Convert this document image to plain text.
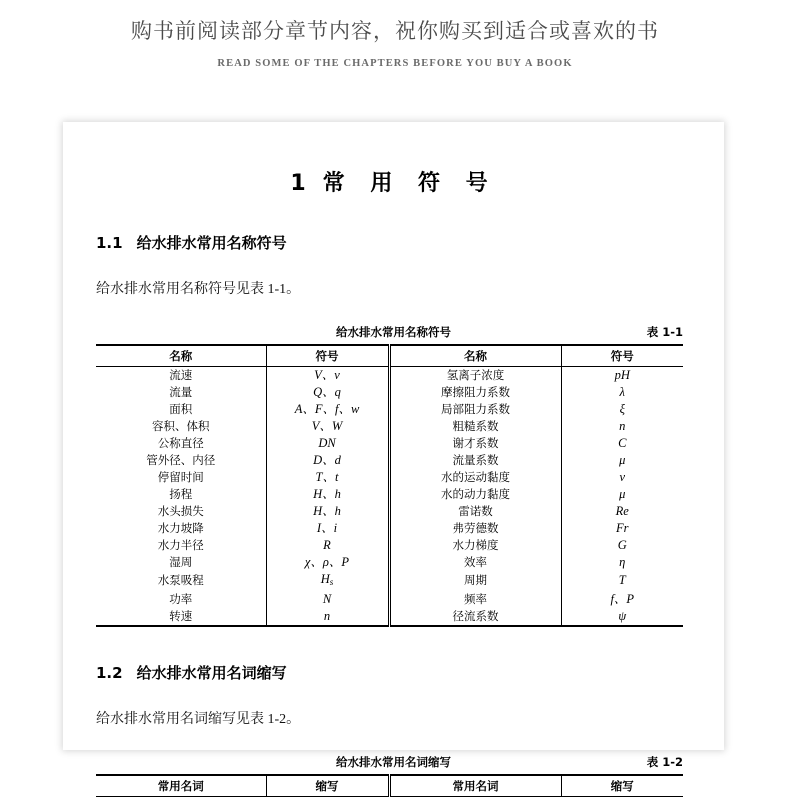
购书前阅读部分章节内容，祝你购买到适合或喜欢的书
READ SOME OF THE CHAPTERS BEFORE YOU BUY A BOOK
1 常 用 符 号
1.1 给水排水常用名称符号
给水排水常用名称符号见表 1-1。
给水排水常用名称符号	表 1-1
名称	符号	名称	符号
流速	V、v	氢离子浓度	pH
流量	Q、q	摩擦阻力系数	λ
面积	A、F、f、w	局部阻力系数	ξ
容积、体积	V、W	粗糙系数	n
公称直径	DN	谢才系数	C
管外径、内径	D、d	流量系数	μ
停留时间	T、t	水的运动黏度	v
扬程	H、h	水的动力黏度	μ
水头损失	H、h	雷诺数	Re
水力坡降	I、i	弗劳德数	Fr
水力半径	R	水力梯度	G
湿周	χ、ρ、P	效率	η
水泵吸程	$H_s$	周期	T
功率	N	频率	f、P
转速	n	径流系数	ψ
1.2 给水排水常用名词缩写
给水排水常用名词缩写见表 1-2。
给水排水常用名词缩写	表 1-2
常用名词	缩写	常用名词	缩写
